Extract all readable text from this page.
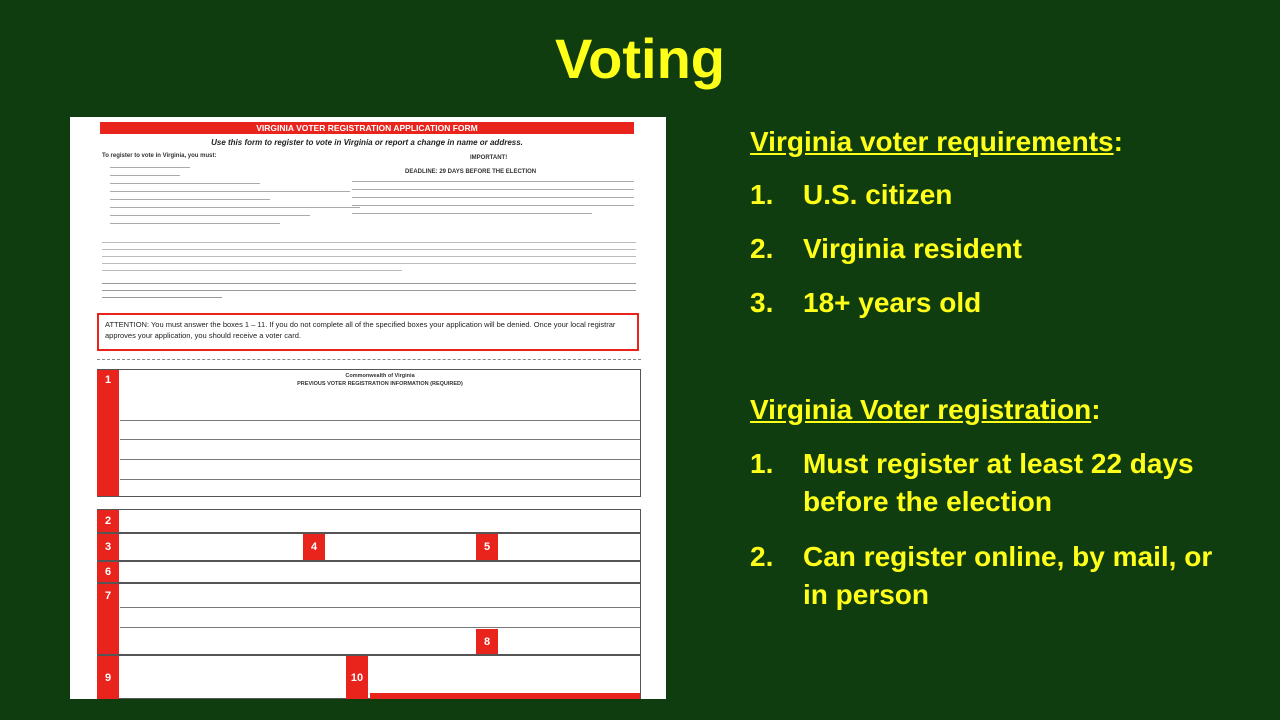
Voting
VIRGINIA VOTER REGISTRATION APPLICATION FORM
Use this form to register to vote in Virginia or report a change in name or address.
To register to vote in Virginia, you must:	IMPORTANT!
DEADLINE: 29 DAYS BEFORE THE ELECTION
ATTENTION: You must answer the boxes 1 – 11. If you do not complete all of the specified boxes your application will be denied. Once your local registrar approves your application, you should receive a voter card.
1	Commonwealth of Virginia
PREVIOUS VOTER REGISTRATION INFORMATION (REQUIRED)
2
3	4	5
6
7
8
9	10
Virginia voter requirements:
1.	U.S. citizen
2.	Virginia resident
3.	18+ years old
Virginia Voter registration:
1.	Must register at least 22 days before the election
2.	Can register online, by mail, or in person
